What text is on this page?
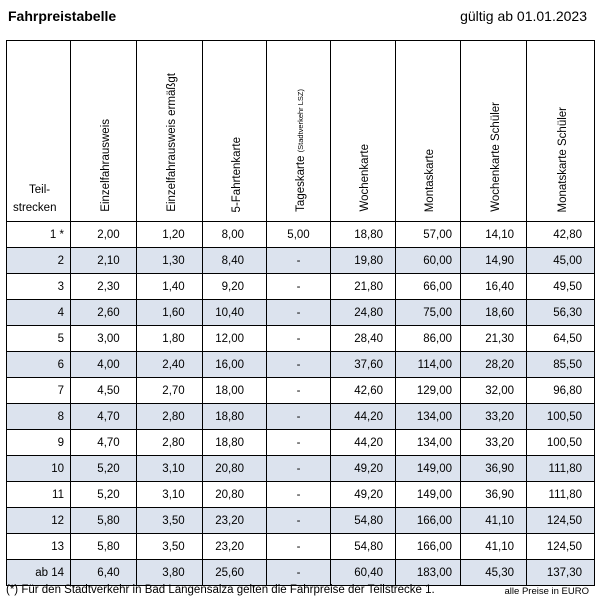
Fahrpreistabelle	gültig ab 01.01.2023
Teil-
strecken	Einzelfahrausweis	Einzelfahrausweis ermäßgt	5-Fahrtenkarte	Tageskarte (Stadtverkehr LSZ)	Wochenkarte	Montaskarte	Wochenkarte Schüler	Monatskarte Schüler
1 *	2,00	1,20	8,00	5,00	18,80	57,00	14,10	42,80
2	2,10	1,30	8,40	-	19,80	60,00	14,90	45,00
3	2,30	1,40	9,20	-	21,80	66,00	16,40	49,50
4	2,60	1,60	10,40	-	24,80	75,00	18,60	56,30
5	3,00	1,80	12,00	-	28,40	86,00	21,30	64,50
6	4,00	2,40	16,00	-	37,60	114,00	28,20	85,50
7	4,50	2,70	18,00	-	42,60	129,00	32,00	96,80
8	4,70	2,80	18,80	-	44,20	134,00	33,20	100,50
9	4,70	2,80	18,80	-	44,20	134,00	33,20	100,50
10	5,20	3,10	20,80	-	49,20	149,00	36,90	111,80
11	5,20	3,10	20,80	-	49,20	149,00	36,90	111,80
12	5,80	3,50	23,20	-	54,80	166,00	41,10	124,50
13	5,80	3,50	23,20	-	54,80	166,00	41,10	124,50
ab 14	6,40	3,80	25,60	-	60,40	183,00	45,30	137,30
(*) Für den Stadtverkehr in Bad Langensalza gelten die Fahrpreise der Teilstrecke 1.	alle Preise in EURO
